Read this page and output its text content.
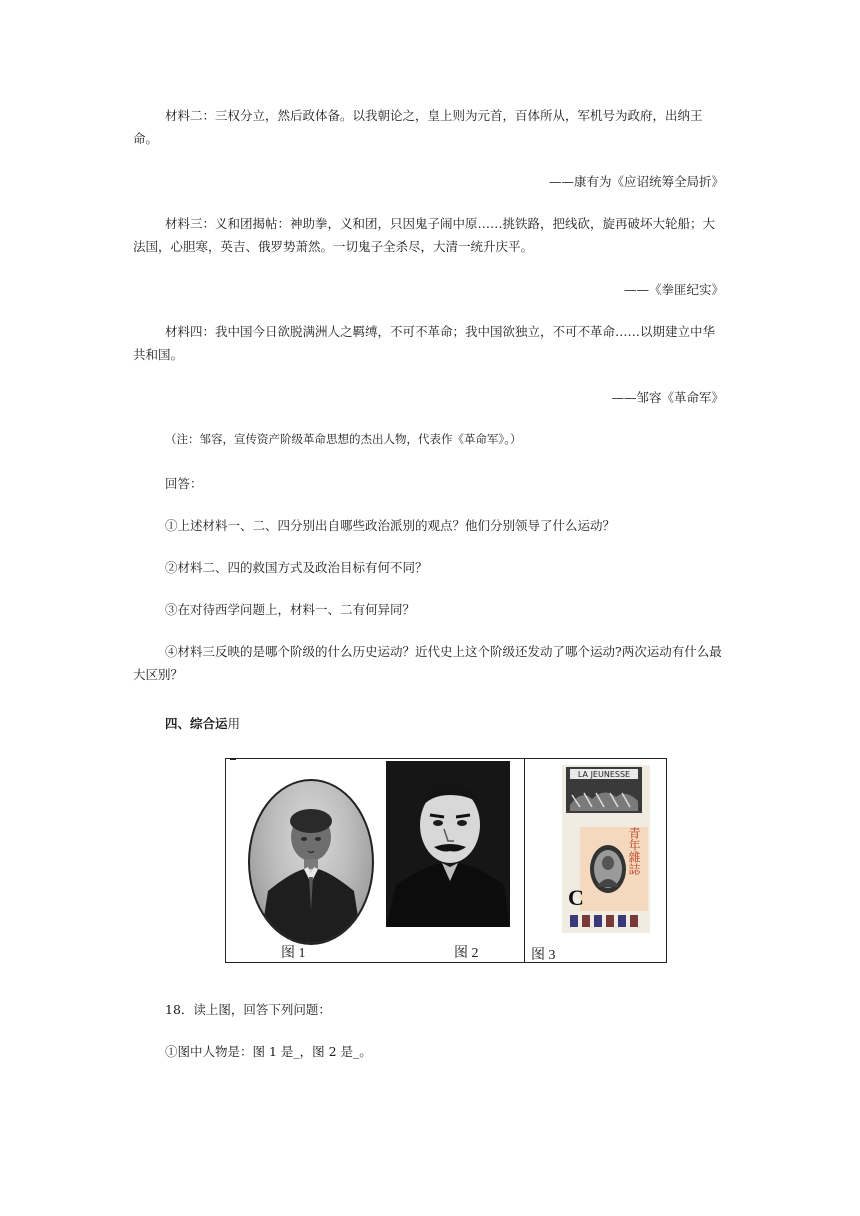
材料二：三权分立，然后政体备。以我朝论之，皇上则为元首，百体所从，军机号为政府，出纳王命。

——康有为《应诏统筹全局折》

材料三：义和团揭帖：神助拳，义和团，只因鬼子闹中原……挑铁路，把线砍，旋再破坏大轮船；大法国，心胆寒，英吉、俄罗势萧然。一切鬼子全杀尽，大清一统升庆平。

——《拳匪纪实》

材料四：我中国今日欲脱满洲人之羁缚，不可不革命；我中国欲独立，不可不革命……以期建立中华共和国。

——邹容《革命军》

（注：邹容，宣传资产阶级革命思想的杰出人物，代表作《革命军》。）

回答：

①上述材料一、二、四分别出自哪些政治派别的观点？他们分别领导了什么运动？

②材料二、四的救国方式及政治目标有何不同？

③在对待西学问题上，材料一、二有何异同？

④材料三反映的是哪个阶级的什么历史运动？近代史上这个阶级还发动了哪个运动?两次运动有什么最大区别？

四、综合运用

LA JEUNESSE
青年雜誌
C
图 1	图 2	图 3

18．读上图，回答下列问题：

①图中人物是：图 1 是_，图 2 是_。
